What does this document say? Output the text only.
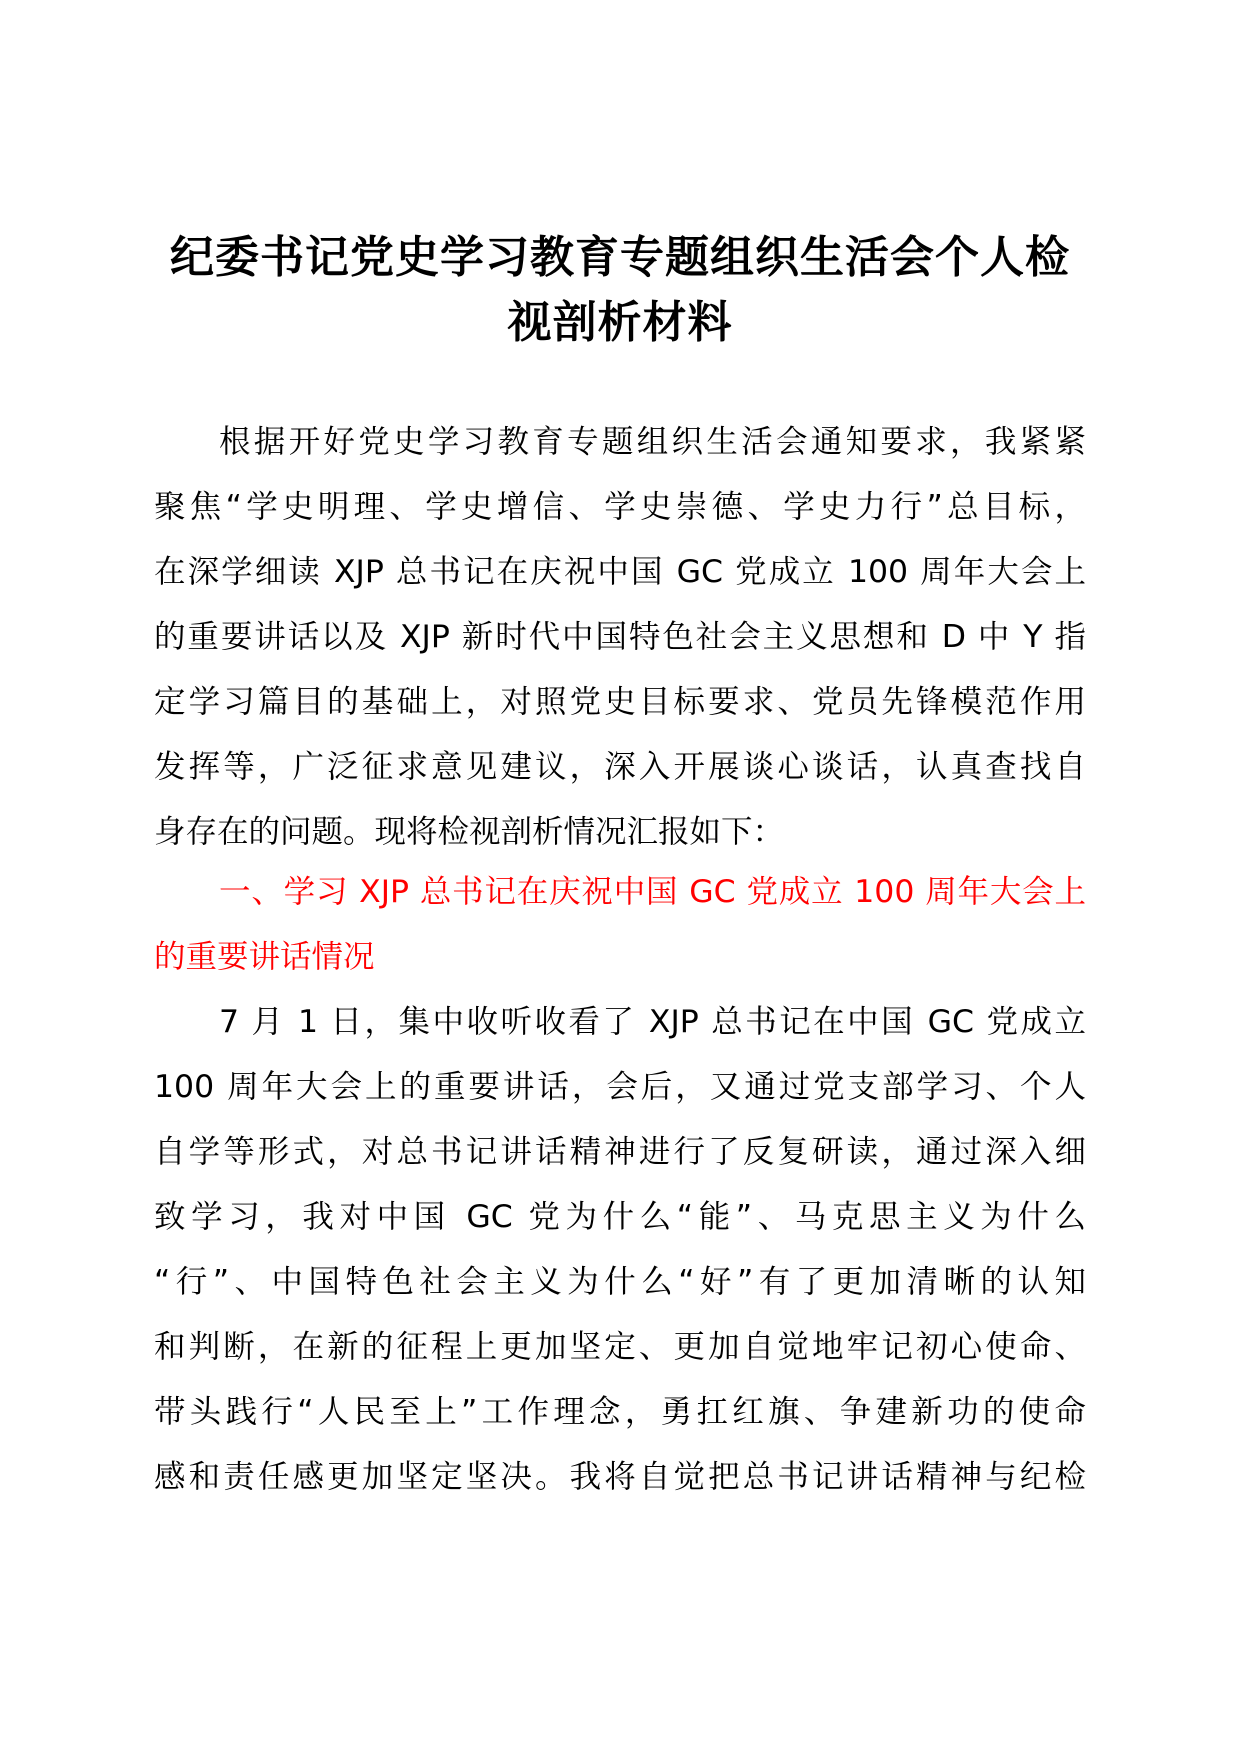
纪委书记党史学习教育专题组织生活会个人检
视剖析材料
根据开好党史学习教育专题组织生活会通知要求，我紧紧
聚焦“学史明理、学史增信、学史崇德、学史力行”总目标，
在深学细读 XJP 总书记在庆祝中国 GC 党成立 100 周年大会上
的重要讲话以及 XJP 新时代中国特色社会主义思想和 D 中 Y 指
定学习篇目的基础上，对照党史目标要求、党员先锋模范作用
发挥等，广泛征求意见建议，深入开展谈心谈话，认真查找自
身存在的问题。现将检视剖析情况汇报如下：
一、学习 XJP 总书记在庆祝中国 GC 党成立 100 周年大会上
的重要讲话情况
7 月 1 日，集中收听收看了 XJP 总书记在中国 GC 党成立
100 周年大会上的重要讲话，会后，又通过党支部学习、个人
自学等形式，对总书记讲话精神进行了反复研读，通过深入细
致学习，我对中国 GC 党为什么“能”、马克思主义为什么
“行”、中国特色社会主义为什么“好”有了更加清晰的认知
和判断，在新的征程上更加坚定、更加自觉地牢记初心使命、
带头践行“人民至上”工作理念，勇扛红旗、争建新功的使命
感和责任感更加坚定坚决。我将自觉把总书记讲话精神与纪检
